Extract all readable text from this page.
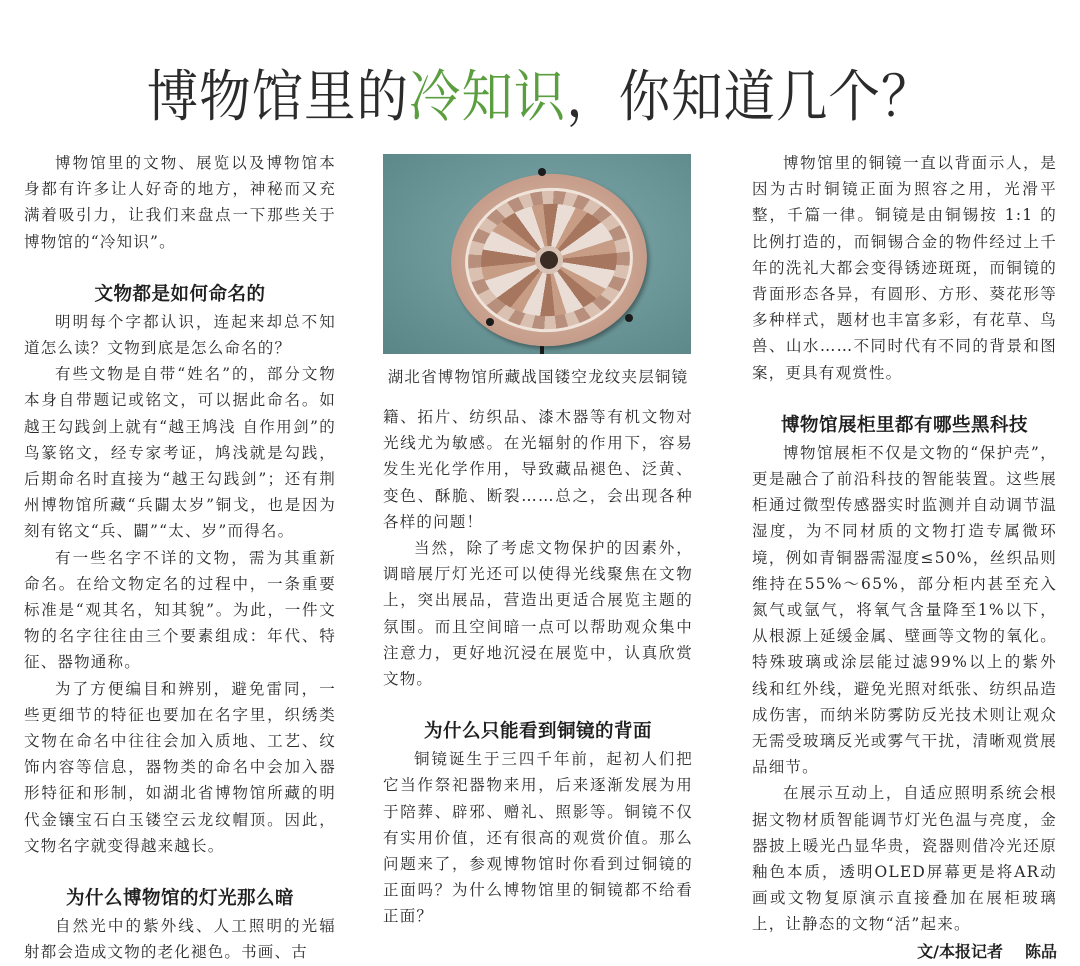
博物馆里的冷知识，你知道几个？

博物馆里的文物、展览以及博物馆本身都有许多让人好奇的地方，神秘而又充满着吸引力，让我们来盘点一下那些关于博物馆的“冷知识”。

文物都是如何命名的

明明每个字都认识，连起来却总不知道怎么读？文物到底是怎么命名的？

有些文物是自带“姓名”的，部分文物本身自带题记或铭文，可以据此命名。如越王勾践剑上就有“越王鸠浅 自作用剑”的鸟篆铭文，经专家考证，鸠浅就是勾践，后期命名时直接为“越王勾践剑”；还有荆州博物馆所藏“兵闢太岁”铜戈，也是因为刻有铭文“兵、闢”“太、岁”而得名。

有一些名字不详的文物，需为其重新命名。在给文物定名的过程中，一条重要标准是“观其名，知其貌”。为此，一件文物的名字往往由三个要素组成：年代、特征、器物通称。

为了方便编目和辨别，避免雷同，一些更细节的特征也要加在名字里，织绣类文物在命名中往往会加入质地、工艺、纹饰内容等信息，器物类的命名中会加入器形特征和形制，如湖北省博物馆所藏的明代金镶宝石白玉镂空云龙纹帽顶。因此，文物名字就变得越来越长。

为什么博物馆的灯光那么暗

自然光中的紫外线、人工照明的光辐射都会造成文物的老化褪色。书画、古

湖北省博物馆所藏战国镂空龙纹夹层铜镜

籍、拓片、纺织品、漆木器等有机文物对光线尤为敏感。在光辐射的作用下，容易发生光化学作用，导致藏品褪色、泛黄、变色、酥脆、断裂……总之，会出现各种各样的问题！

当然，除了考虑文物保护的因素外，调暗展厅灯光还可以使得光线聚焦在文物上，突出展品，营造出更适合展览主题的氛围。而且空间暗一点可以帮助观众集中注意力，更好地沉浸在展览中，认真欣赏文物。

为什么只能看到铜镜的背面

铜镜诞生于三四千年前，起初人们把它当作祭祀器物来用，后来逐渐发展为用于陪葬、辟邪、赠礼、照影等。铜镜不仅有实用价值，还有很高的观赏价值。那么问题来了，参观博物馆时你看到过铜镜的正面吗？为什么博物馆里的铜镜都不给看正面？

博物馆里的铜镜一直以背面示人，是因为古时铜镜正面为照容之用，光滑平整，千篇一律。铜镜是由铜锡按 1:1 的比例打造的，而铜锡合金的物件经过上千年的洗礼大都会变得锈迹斑斑，而铜镜的背面形态各异，有圆形、方形、葵花形等多种样式，题材也丰富多彩，有花草、鸟兽、山水……不同时代有不同的背景和图案，更具有观赏性。

博物馆展柜里都有哪些黑科技

博物馆展柜不仅是文物的“保护壳”，更是融合了前沿科技的智能装置。这些展柜通过微型传感器实时监测并自动调节温湿度，为不同材质的文物打造专属微环境，例如青铜器需湿度≤50%，丝织品则维持在55%～65%，部分柜内甚至充入氮气或氩气，将氧气含量降至1%以下，从根源上延缓金属、壁画等文物的氧化。特殊玻璃或涂层能过滤99%以上的紫外线和红外线，避免光照对纸张、纺织品造成伤害，而纳米防雾防反光技术则让观众无需受玻璃反光或雾气干扰，清晰观赏展品细节。

在展示互动上，自适应照明系统会根据文物材质智能调节灯光色温与亮度，金器披上暖光凸显华贵，瓷器则借冷光还原釉色本质，透明OLED屏幕更是将AR动画或文物复原演示直接叠加在展柜玻璃上，让静态的文物“活”起来。

文/本报记者 陈品
